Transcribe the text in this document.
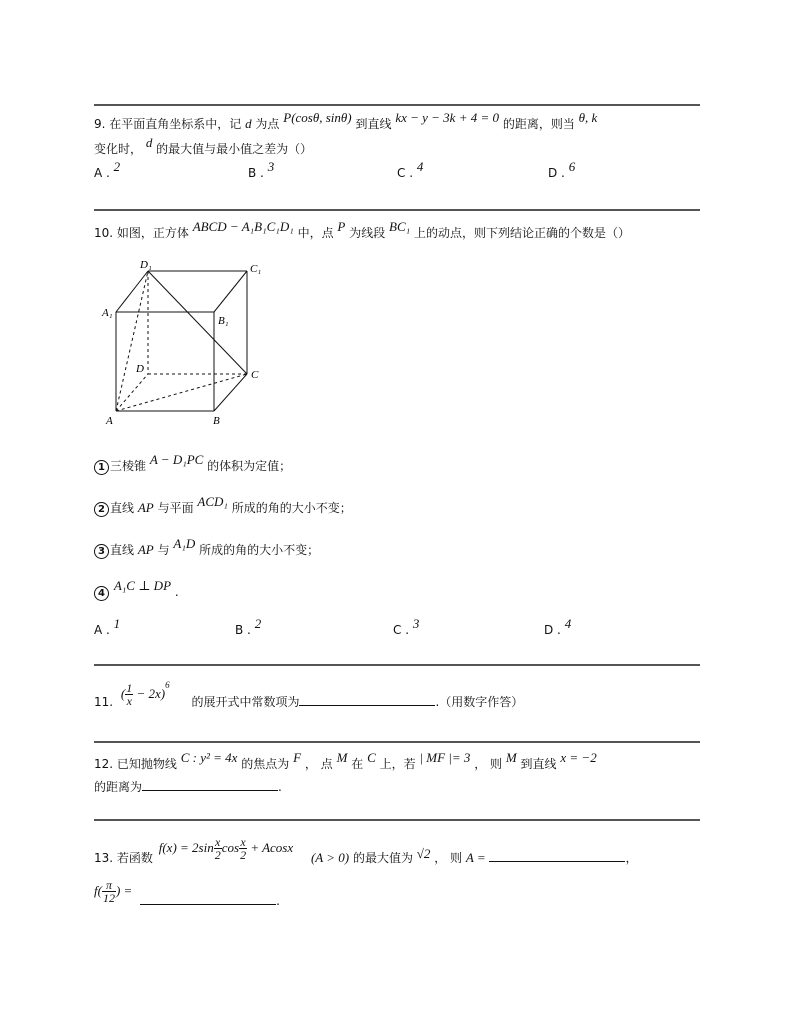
9. 在平面直角坐标系中，记 d 为点 P(cosθ, sinθ) 到直线 kx − y − 3k + 4 = 0 的距离，则当 θ, k
变化时， d 的最大值与最小值之差为（）
A . 2	B . 3	C . 4	D . 6
10. 如图，正方体 ABCD − A₁B₁C₁D₁ 中，点 P 为线段 BC₁ 上的动点，则下列结论正确的个数是（）
D₁	C₁
A₁
B₁
D	C
A	B
1 三棱锥 A − D₁PC 的体积为定值；
2 直线 AP 与平面 ACD₁ 所成的角的大小不变；
3 直线 AP 与 A₁D 所成的角的大小不变；
4 A₁C ⊥ DP .
A . 1	B . 2	C . 3	D . 4
11. ( $\frac{1}{x} - 2x)^6$ 的展开式中常数项为	.（用数字作答）
12. 已知抛物线 C : y² = 4x 的焦点为 F ， 点 M 在 C 上，若 | MF |= 3 ， 则 M 到直线 x = −2
的距离为	.
13. 若函数 $f(x) = 2\sin \frac{x}{2}$ $\cos \frac{x}{2} + Acosx$ (A > 0) 的最大值为 √2 ， 则 A =	，
$f( \frac{\pi}{12}$ ) = .
